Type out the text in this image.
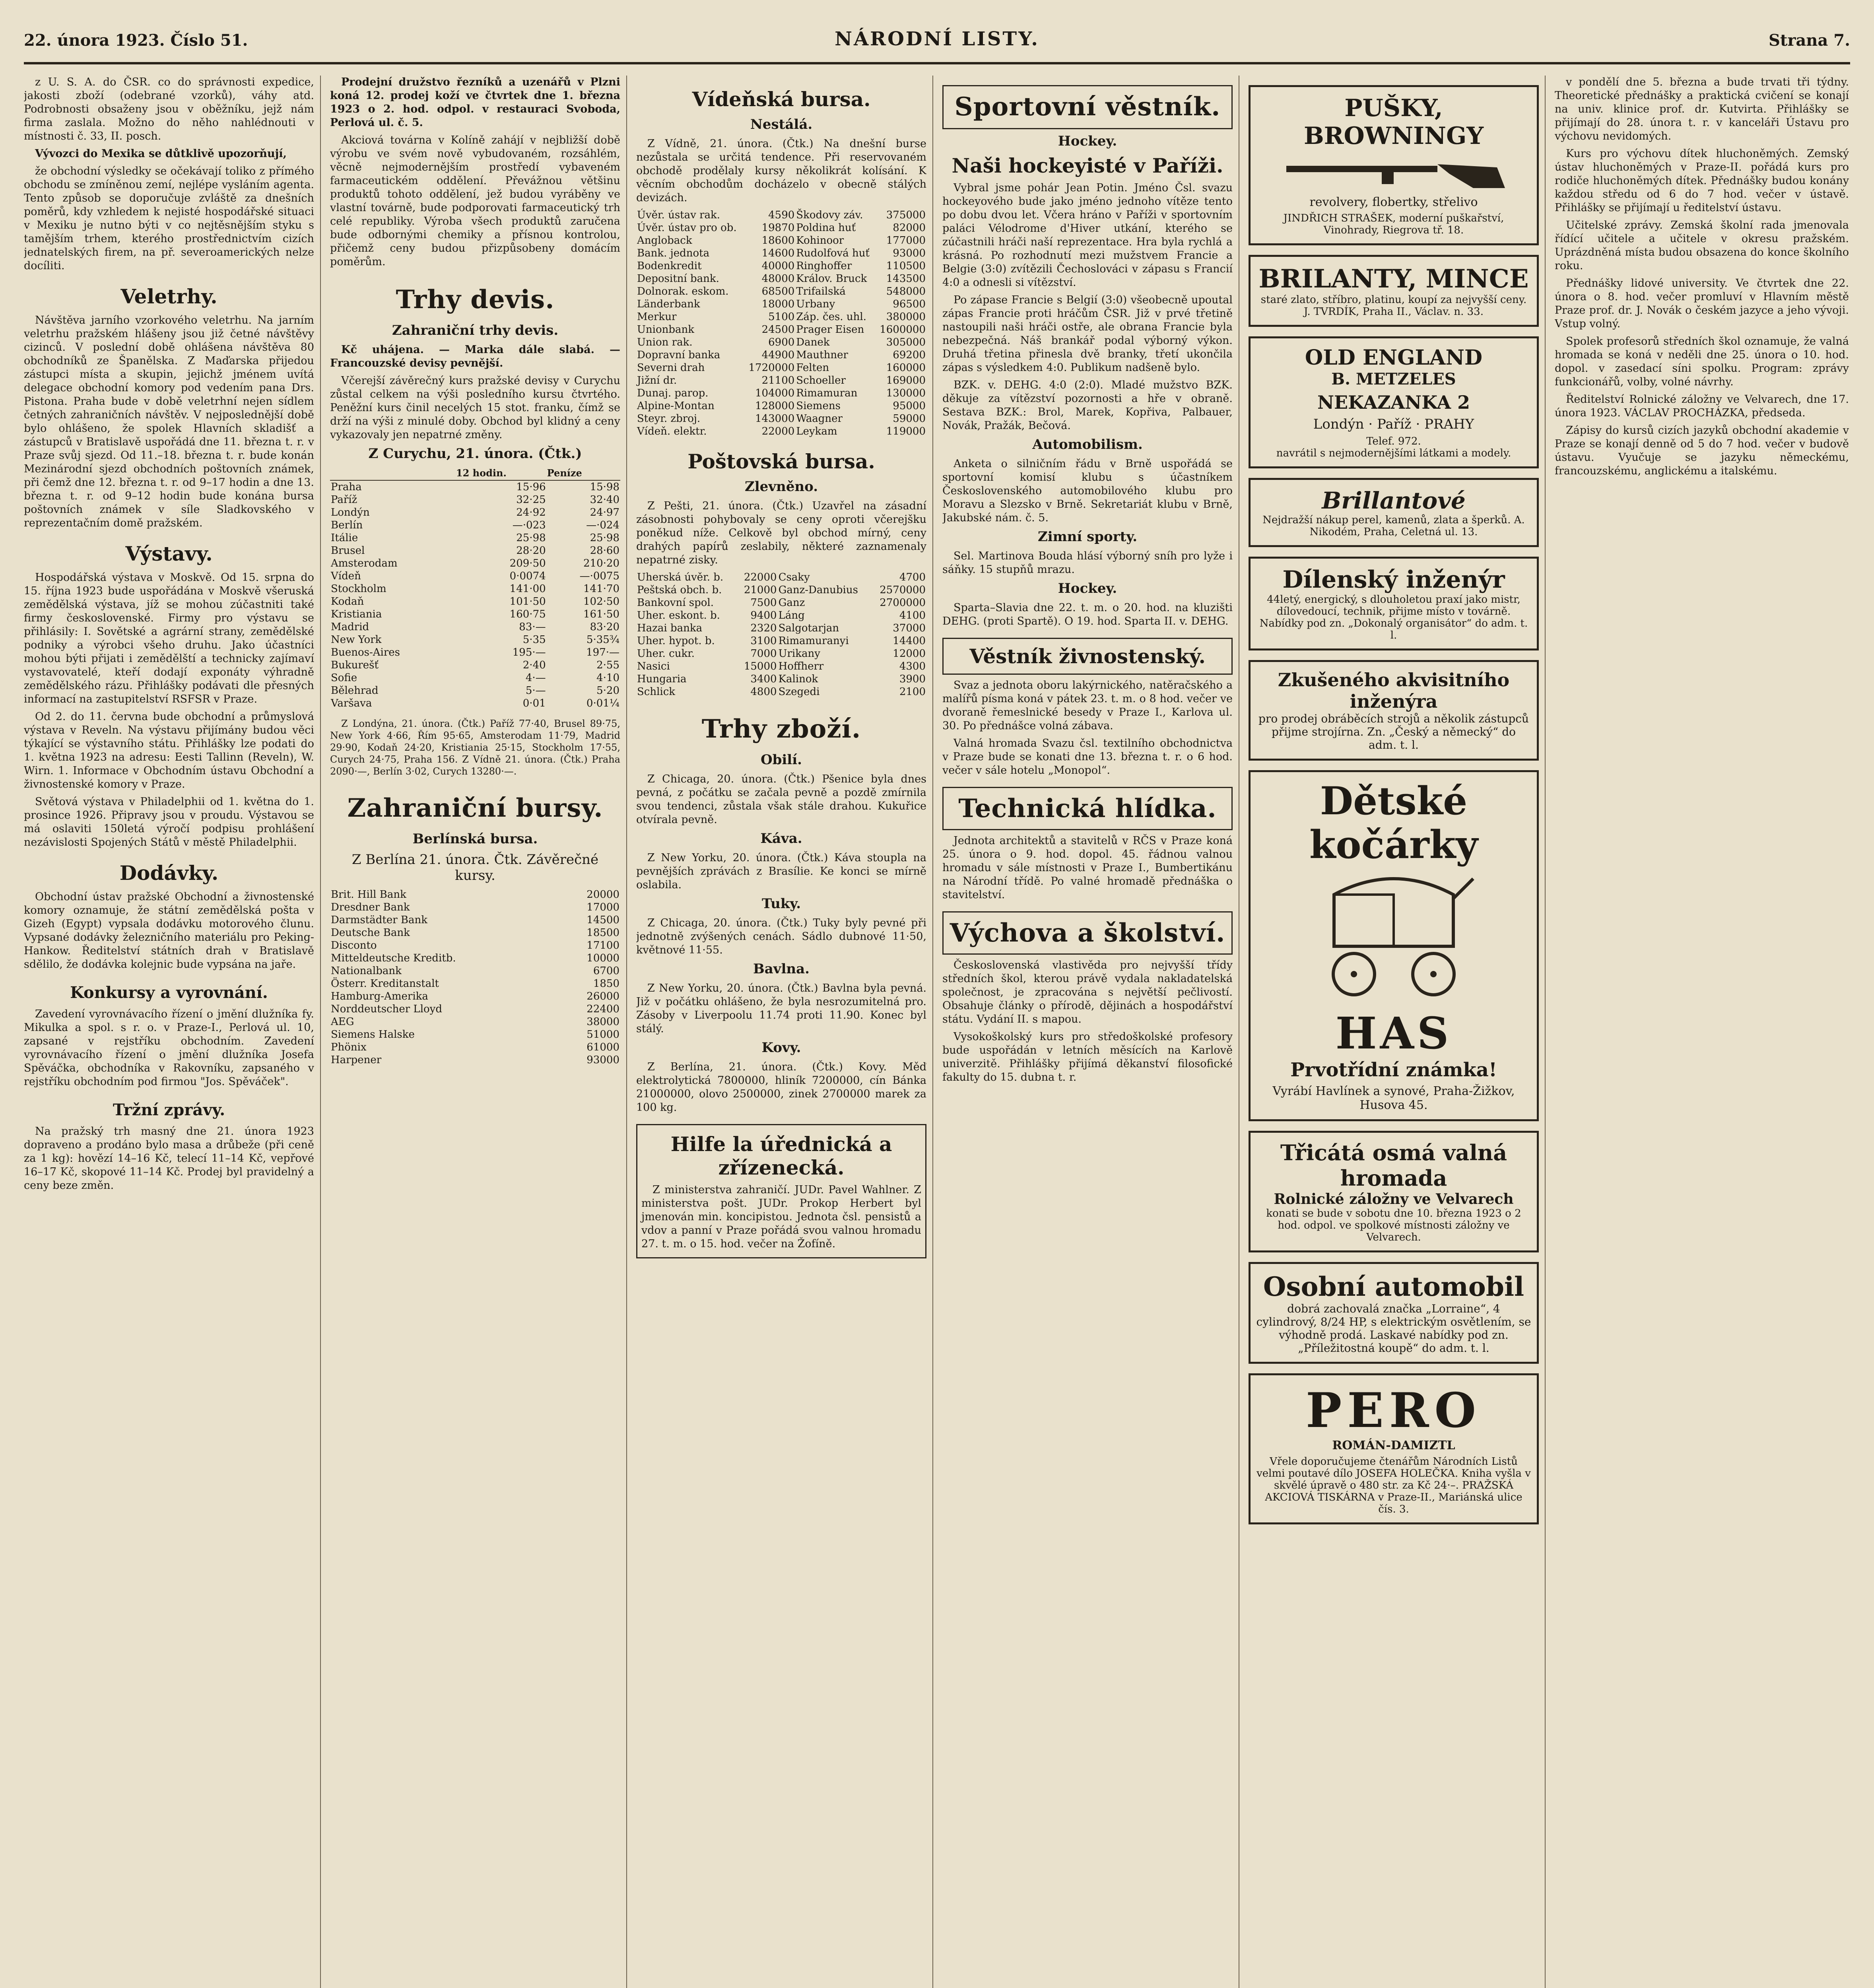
22. února 1923. Číslo 51.	NÁRODNÍ LISTY.	Strana 7.

z U. S. A. do ČSR. co do správnosti expedice, jakosti zboží (odebrané vzorků), váhy atd. Podrobnosti obsaženy jsou v oběžníku, jejž nám firma zaslala. Možno do něho nahlédnouti v místnosti č. 33, II. posch.

Vývozci do Mexika se důtklivě upozorňují,

že obchodní výsledky se očekávají toliko z přímého obchodu se zmíněnou zemí, nejlépe vysláním agenta. Tento způsob se doporučuje zvláště za dnešních poměrů, kdy vzhledem k nejisté hospodářské situaci v Mexiku je nutno býti v co nejtěsnějším styku s tamějším trhem, kterého prostřednictvím cizích jednatelských firem, na př. severoamerických nelze docíliti.

Veletrhy.

Návštěva jarního vzorkového veletrhu. Na jarním veletrhu pražském hlášeny jsou již četné návštěvy cizinců. V poslední době ohlášena návštěva 80 obchodníků ze Španělska. Z Maďarska přijedou zástupci místa a skupin, jejichž jménem uvítá delegace obchodní komory pod vedením pana Drs. Pistona. Praha bude v době veletrhní nejen sídlem četných zahraničních návštěv. V nejposlednější době bylo ohlášeno, že spolek Hlavních skladišť a zástupců v Bratislavě uspořádá dne 11. března t. r. v Praze svůj sjezd. Od 11.–18. března t. r. bude konán Mezinárodní sjezd obchodních poštovních známek, při čemž dne 12. března t. r. od 9–17 hodin a dne 13. března t. r. od 9–12 hodin bude konána bursa poštovních známek v síle Sladkovského v reprezentačním domě pražském.

Výstavy.

Hospodářská výstava v Moskvě. Od 15. srpna do 15. října 1923 bude uspořádána v Moskvě všeruská zemědělská výstava, jíž se mohou zúčastniti také firmy československé. Firmy pro výstavu se přihlásily: I. Sovětské a agrární strany, zemědělské podniky a výrobci všeho druhu. Jako účastníci mohou býti přijati i zemědělští a technicky zajímaví vystavovatelé, kteří dodají exponáty výhradně zemědělského rázu. Přihlášky podávati dle přesných informací na zastupitelství RSFSR v Praze.

Od 2. do 11. června bude obchodní a průmyslová výstava v Reveln. Na výstavu přijímány budou věci týkající se výstavního státu. Přihlášky lze podati do 1. května 1923 na adresu: Eesti Tallinn (Reveln), W. Wirn. 1. Informace v Obchodním ústavu Obchodní a živnostenské komory v Praze.

Světová výstava v Philadelphii od 1. května do 1. prosince 1926. Připravy jsou v proudu. Výstavou se má oslaviti 150letá výročí podpisu prohlášení nezávislosti Spojených Států v městě Philadelphii.

Dodávky.

Obchodní ústav pražské Obchodní a živnostenské komory oznamuje, že státní zemědělská pošta v Gizeh (Egypt) vypsala dodávku motorového člunu. Vypsané dodávky železničního materiálu pro Peking-Hankow. Ředitelství státních drah v Bratislavě sdělilo, že dodávka kolejnic bude vypsána na jaře.

Konkursy a vyrovnání.

Zavedení vyrovnávacího řízení o jmění dlužníka fy. Mikulka a spol. s r. o. v Praze-I., Perlová ul. 10, zapsané v rejstříku obchodním. Zavedení vyrovnávacího řízení o jmění dlužníka Josefa Spěváčka, obchodníka v Rakovníku, zapsaného v rejstříku obchodním pod firmou "Jos. Spěváček".

Tržní zprávy.

Na pražský trh masný dne 21. února 1923 dopraveno a prodáno bylo masa a drůbeže (při ceně za 1 kg): hovězí 14–16 Kč, telecí 11–14 Kč, vepřové 16–17 Kč, skopové 11–14 Kč. Prodej byl pravidelný a ceny beze změn.

Prodejní družstvo řezníků a uzenářů v Plzni koná 12. prodej koží ve čtvrtek dne 1. března 1923 o 2. hod. odpol. v restauraci Svoboda, Perlová ul. č. 5.

Akciová továrna v Kolíně zahájí v nejbližší době výrobu ve svém nově vybudovaném, rozsáhlém, věcně nejmodernějším prostředí vybaveném farmaceutickém oddělení. Převážnou většinu produktů tohoto oddělení, jež budou vyráběny ve vlastní továrně, bude podporovati farmaceutický trh celé republiky. Výroba všech produktů zaručena bude odbornými chemiky a přísnou kontrolou, přičemž ceny budou přizpůsobeny domácím poměrům.

Trhy devis.
Zahraniční trhy devis.

Kč uhájena. — Marka dále slabá. — Francouzské devisy pevnější.

Včerejší závěrečný kurs pražské devisy v Curychu zůstal celkem na výši posledního kursu čtvrtého. Peněžní kurs činil necelých 15 stot. franku, čímž se drží na výši z minulé doby. Obchod byl klidný a ceny vykazovaly jen nepatrné změny.

Z Curychu, 21. února. (Čtk.)
	12 hodin.	Peníze
Praha	15·96	15·98
Paříž	32·25	32·40
Londýn	24·92	24·97
Berlín	—·023	—·024
Itálie	25·98	25·98
Brusel	28·20	28·60
Amsterodam	209·50	210·20
Vídeň	0·0074	—·0075
Stockholm	141·00	141·70
Kodaň	101·50	102·50
Kristiania	160·75	161·50
Madrid	83·—	83·20
New York	5·35	5·35¾
Buenos-Aires	195·—	197·—
Bukurešť	2·40	2·55
Sofie	4·—	4·10
Bělehrad	5·—	5·20
Varšava	0·01	0·01¼

Z Londýna, 21. února. (Čtk.) Paříž 77·40, Brusel 89·75, New York 4·66, Řím 95·65, Amsterodam 11·79, Madrid 29·90, Kodaň 24·20, Kristiania 25·15, Stockholm 17·55, Curych 24·75, Praha 156. Z Vídně 21. února. (Čtk.) Praha 2090·—, Berlín 3·02, Curych 13280·—.

Zahraniční bursy.
Berlínská bursa.
Z Berlína 21. února. Čtk. Závěrečné kursy.
Brit. Hill Bank	20000
Dresdner Bank	17000
Darmstädter Bank	14500
Deutsche Bank	18500
Disconto	17100
Mitteldeutsche Kreditb.	10000
Nationalbank	6700
Österr. Kreditanstalt	1850
Hamburg-Amerika	26000
Norddeutscher Lloyd	22400
AEG	38000
Siemens Halske	51000
Phönix	61000
Harpener	93000
Vídeňská bursa.
Nestálá.

Z Vídně, 21. února. (Čtk.) Na dnešní burse nezůstala se určitá tendence. Při reservovaném obchodě prodělaly kursy několikrát kolísání. K věcním obchodům docházelo v obecně stálých devizách.

Úvěr. ústav rak.	4590	Škodovy záv.	375000
Úvěr. ústav pro ob.	19870	Poldina huť	82000
Angloback	18600	Kohinoor	177000
Bank. jednota	14600	Rudolfová huť	93000
Bodenkredit	40000	Ringhoffer	110500
Depositní bank.	48000	Králov. Bruck	143500
Dolnorak. eskom.	68500	Trifailská	548000
Länderbank	18000	Urbany	96500
Merkur	5100	Záp. čes. uhl.	380000
Unionbank	24500	Prager Eisen	1600000
Union rak.	6900	Danek	305000
Dopravní banka	44900	Mauthner	69200
Severni drah	1720000	Felten	160000
Jižní dr.	21100	Schoeller	169000
Dunaj. parop.	104000	Rimamuran	130000
Alpine-Montan	128000	Siemens	95000
Steyr. zbroj.	143000	Waagner	59000
Vídeň. elektr.	22000	Leykam	119000
Poštovská bursa.
Zlevněno.

Z Pešti, 21. února. (Čtk.) Uzavřel na zásadní zásobnosti pohybovaly se ceny oproti včerejšku poněkud níže. Celkově byl obchod mírný, ceny drahých papírů zeslabily, některé zaznamenaly nepatrné zisky.

Uherská úvěr. b.	22000	Csaky	4700
Peštská obch. b.	21000	Ganz-Danubius	2570000
Bankovní spol.	7500	Ganz	2700000
Uher. eskont. b.	9400	Láng	4100
Hazai banka	2320	Salgotarjan	37000
Uher. hypot. b.	3100	Rimamuranyi	14400
Uher. cukr.	7000	Urikany	12000
Nasici	15000	Hoffherr	4300
Hungaria	3400	Kalinok	3900
Schlick	4800	Szegedi	2100
Trhy zboží.
Obilí.

Z Chicaga, 20. února. (Čtk.) Pšenice byla dnes pevná, z počátku se začala pevně a pozdě zmírnila svou tendenci, zůstala však stále drahou. Kukuřice otvírala pevně.

Káva.

Z New Yorku, 20. února. (Čtk.) Káva stoupla na pevnějších zprávách z Brasílie. Ke konci se mírně oslabila.

Tuky.

Z Chicaga, 20. února. (Čtk.) Tuky byly pevné při jednotně zvýšených cenách. Sádlo dubnové 11·50, květnové 11·55.

Bavlna.

Z New Yorku, 20. února. (Čtk.) Bavlna byla pevná. Již v počátku ohlášeno, že byla nesrozumitelná pro. Zásoby v Liverpoolu 11.74 proti 11.90. Konec byl stálý.

Kovy.

Z Berlína, 21. února. (Čtk.) Kovy. Měď elektrolytická 7800000, hliník 7200000, cín Bánka 21000000, olovo 2500000, zinek 2700000 marek za 100 kg.

Hilfe la úřednická a zřízenecká.

Z ministerstva zahraničí. JUDr. Pavel Wahlner. Z ministerstva pošt. JUDr. Prokop Herbert byl jmenován min. koncipistou. Jednota čsl. pensistů a vdov a panní v Praze pořádá svou valnou hromadu 27. t. m. o 15. hod. večer na Žofíně.

Sportovní věstník.
Hockey.
Naši hockeyisté v Paříži.

Vybral jsme pohár Jean Potin. Jméno Čsl. svazu hockeyového bude jako jméno jednoho vítěze tento po dobu dvou let. Včera hráno v Paříži v sportovním paláci Vélodrome d'Hiver utkání, kterého se zúčastnili hráči naší reprezentace. Hra byla rychlá a krásná. Po rozhodnutí mezi mužstvem Francie a Belgie (3:0) zvítězili Čechoslováci v zápasu s Francií 4:0 a odnesli si vítězství.

Po zápase Francie s Belgií (3:0) všeobecně upoutal zápas Francie proti hráčům ČSR. Již v prvé třetině nastoupili naši hráči ostře, ale obrana Francie byla nebezpečná. Náš brankář podal výborný výkon. Druhá třetina přinesla dvě branky, třetí ukončila zápas s výsledkem 4:0. Publikum nadšeně bylo.

BZK. v. DEHG. 4:0 (2:0). Mladé mužstvo BZK. děkuje za vítězství pozornosti a hře v obraně. Sestava BZK.: Brol, Marek, Kopřiva, Palbauer, Novák, Pražák, Bečová.

Automobilism.

Anketa o silničním řádu v Brně uspořádá se sportovní komisí klubu s účastníkem Československého automobilového klubu pro Moravu a Slezsko v Brně. Sekretariát klubu v Brně, Jakubské nám. č. 5.

Zimní sporty.

Sel. Martinova Bouda hlásí výborný sníh pro lyže i sáňky. 15 stupňů mrazu.

Hockey.

Sparta–Slavia dne 22. t. m. o 20. hod. na kluzišti DEHG. (proti Spartě). O 19. hod. Sparta II. v. DEHG.

Věstník živnostenský.

Svaz a jednota oboru lakýrnického, natěračského a malířů písma koná v pátek 23. t. m. o 8 hod. večer ve dvoraně řemeslnické besedy v Praze I., Karlova ul. 30. Po přednášce volná zábava.

Valná hromada Svazu čsl. textilního obchodnictva v Praze bude se konati dne 13. března t. r. o 6 hod. večer v sále hotelu „Monopol“.

Technická hlídka.

Jednota architektů a stavitelů v RČS v Praze koná 25. února o 9. hod. dopol. 45. řádnou valnou hromadu v sále místnosti v Praze I., Bumbertikánu na Národní třídě. Po valné hromadě přednáška o stavitelství.

Výchova a školství.

Československá vlastivěda pro nejvyšší třídy středních škol, kterou právě vydala nakladatelská společnost, je zpracována s největší pečlivostí. Obsahuje články o přírodě, dějinách a hospodářství státu. Vydání II. s mapou.

Vysokoškolský kurs pro středoškolské profesory bude uspořádán v letních měsících na Karlově univerzitě. Přihlášky přijímá děkanství filosofické fakulty do 15. dubna t. r.

PUŠKY, BROWNINGY
revolvery, flobertky, střelivo
JINDŘICH STRAŠEK, moderní puškařství, Vinohrady, Riegrova tř. 18.
BRILANTY, MINCE
staré zlato, stříbro, platinu, koupí za nejvyšší ceny. J. TVRDÍK, Praha II., Václav. n. 33.
OLD ENGLAND
B. METZELES
NEKAZANKA 2
Londýn · Paříž · PRAHY
Telef. 972.
navrátil s nejmodernějšími látkami a modely.
Brillantové
Nejdražší nákup perel, kamenů, zlata a šperků. A. Nikodém, Praha, Celetná ul. 13.
Dílenský inženýr
44letý, energický, s dlouholetou praxí jako mistr, dílovedoucí, technik, přijme místo v továrně. Nabídky pod zn. „Dokonalý organisátor“ do adm. t. l.
Zkušeného akvisitního inženýra
pro prodej obráběcích strojů a několik zástupců přijme strojírna. Zn. „Český a německý“ do adm. t. l.
Dětské kočárky
HAS
Prvotřídní známka!
Vyrábí Havlínek a synové, Praha-Žižkov, Husova 45.
Třicátá osmá valná hromada
Rolnické záložny ve Velvarech
konati se bude v sobotu dne 10. března 1923 o 2 hod. odpol. ve spolkové místnosti záložny ve Velvarech.
Osobní automobil
dobrá zachovalá značka „Lorraine“, 4 cylindrový, 8/24 HP, s elektrickým osvětlením, se výhodně prodá. Laskavé nabídky pod zn. „Příležitostná koupě“ do adm. t. l.
PERO
ROMÁN-DAMIZTL
Vřele doporučujeme čtenářům Národních Listů velmi poutavé dílo JOSEFA HOLEČKA. Kniha vyšla v skvělé úpravě o 480 str. za Kč 24·–. PRAŽSKÁ AKCIOVÁ TISKÁRNA v Praze-II., Mariánská ulice čís. 3.

v pondělí dne 5. března a bude trvati tři týdny. Theoretické přednášky a praktická cvičení se konají na univ. klinice prof. dr. Kutvirta. Přihlášky se přijímají do 28. února t. r. v kanceláři Ústavu pro výchovu nevidomých.

Kurs pro výchovu dítek hluchoněmých. Zemský ústav hluchoněmých v Praze-II. pořádá kurs pro rodiče hluchoněmých dítek. Přednášky budou konány každou středu od 6 do 7 hod. večer v ústavě. Přihlášky se přijímají u ředitelství ústavu.

Učitelské zprávy. Zemská školní rada jmenovala řídící učitele a učitele v okresu pražském. Uprázdněná místa budou obsazena do konce školního roku.

Přednášky lidové university. Ve čtvrtek dne 22. února o 8. hod. večer promluví v Hlavním městě Praze prof. dr. J. Novák o českém jazyce a jeho vývoji. Vstup volný.

Spolek profesorů středních škol oznamuje, že valná hromada se koná v neděli dne 25. února o 10. hod. dopol. v zasedací síni spolku. Program: zprávy funkcionářů, volby, volné návrhy.

Ředitelství Rolnické záložny ve Velvarech, dne 17. února 1923. VÁCLAV PROCHÁZKA, předseda.

Zápisy do kursů cizích jazyků obchodní akademie v Praze se konají denně od 5 do 7 hod. večer v budově ústavu. Vyučuje se jazyku německému, francouzskému, anglickému a italskému.
